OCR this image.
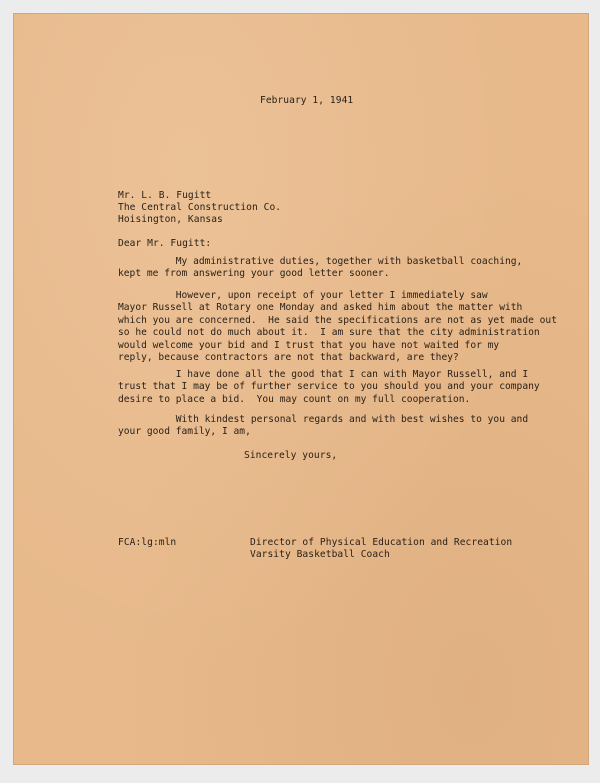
February 1, 1941
Mr. L. B. Fugitt
The Central Construction Co.
Hoisington, Kansas
Dear Mr. Fugitt:

My administrative duties, together with basketball coaching,

kept me from answering your good letter sooner.

However, upon receipt of your letter I immediately saw

Mayor Russell at Rotary one Monday and asked him about the matter with

which you are concerned.  He said the specifications are not as yet made out

so he could not do much about it.  I am sure that the city administration

would welcome your bid and I trust that you have not waited for my

reply, because contractors are not that backward, are they?

I have done all the good that I can with Mayor Russell, and I

trust that I may be of further service to you should you and your company

desire to place a bid.  You may count on my full cooperation.

With kindest personal regards and with best wishes to you and

your good family, I am,

Sincerely yours,
FCA:lg:mln	Director of Physical Education and Recreation
Varsity Basketball Coach
